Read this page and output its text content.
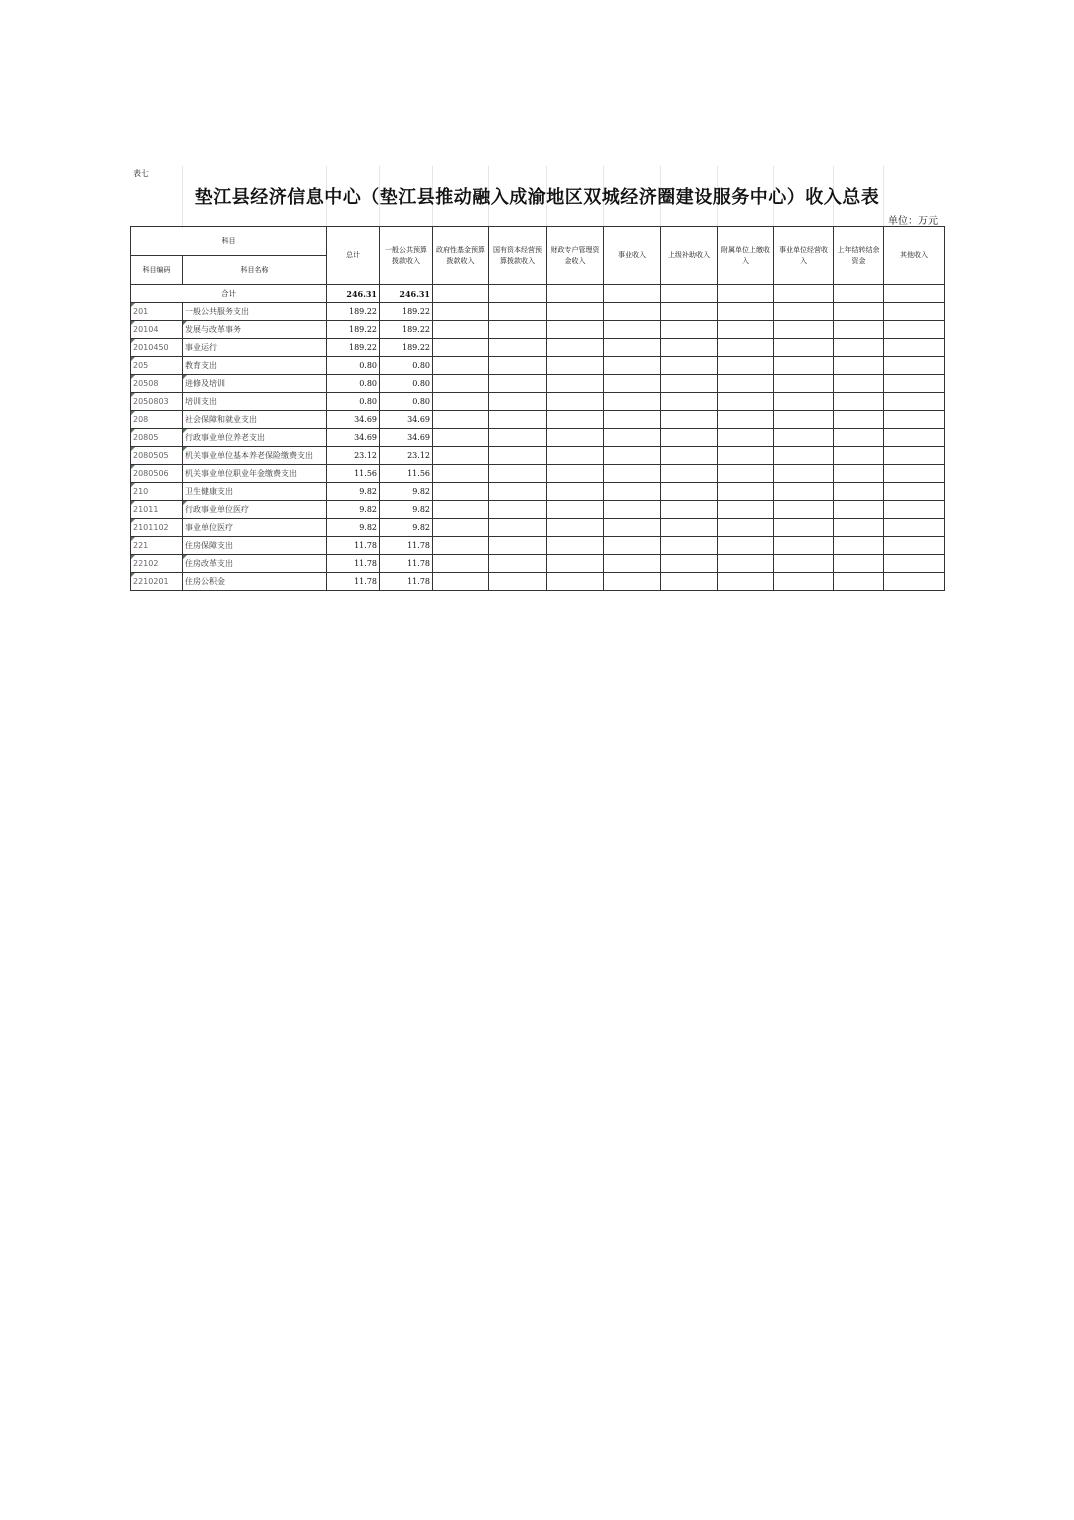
表七
垫江县经济信息中心（垫江县推动融入成渝地区双城经济圈建设服务中心）收入总表
单位：万元
科目		总计	一般公共预算拨款收入	政府性基金预算拨款收入	国有资本经营预算拨款收入	财政专户管理资金收入	事业收入	上级补助收入	附属单位上缴收入	事业单位经营收入	上年结转结余资金	其他收入
科目编码	科目名称											
合计		246.31	246.31									
201	一般公共服务支出	189.22	189.22									
20104	发展与改革事务	189.22	189.22									
2010450	事业运行	189.22	189.22									
205	教育支出	0.80	0.80									
20508	进修及培训	0.80	0.80									
2050803	培训支出	0.80	0.80									
208	社会保障和就业支出	34.69	34.69									
20805	行政事业单位养老支出	34.69	34.69									
2080505	机关事业单位基本养老保险缴费支出	23.12	23.12									
2080506	机关事业单位职业年金缴费支出	11.56	11.56									
210	卫生健康支出	9.82	9.82									
21011	行政事业单位医疗	9.82	9.82									
2101102	事业单位医疗	9.82	9.82									
221	住房保障支出	11.78	11.78									
22102	住房改革支出	11.78	11.78									
2210201	住房公积金	11.78	11.78									
